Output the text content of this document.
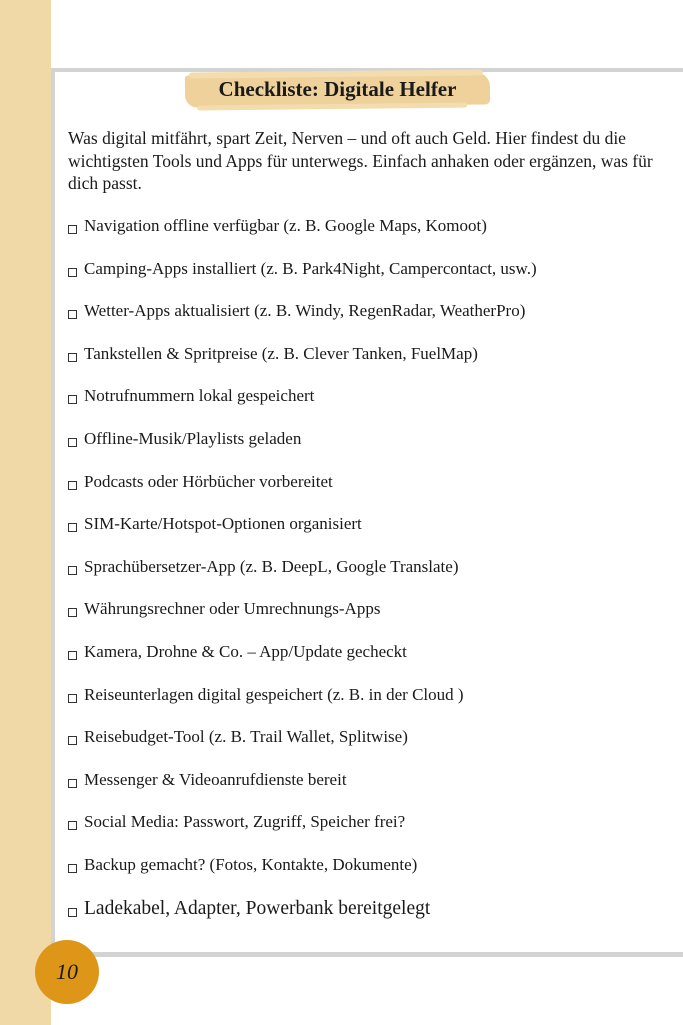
Checkliste: Digitale Helfer

Was digital mitfährt, spart Zeit, Nerven – und oft auch Geld. Hier findest du die wichtigsten Tools und Apps für unterwegs. Einfach anhaken oder ergänzen, was für dich passt.

Navigation offline verfügbar (z. B. Google Maps, Komoot)
Camping-Apps installiert (z. B. Park4Night, Campercontact, usw.)
Wetter-Apps aktualisiert (z. B. Windy, RegenRadar, WeatherPro)
Tankstellen & Spritpreise (z. B. Clever Tanken, FuelMap)
Notrufnummern lokal gespeichert
Offline-Musik/Playlists geladen
Podcasts oder Hörbücher vorbereitet
SIM-Karte/Hotspot-Optionen organisiert
Sprachübersetzer-App (z. B. DeepL, Google Translate)
Währungsrechner oder Umrechnungs-Apps
Kamera, Drohne & Co. – App/Update gecheckt
Reiseunterlagen digital gespeichert (z. B. in der Cloud )
Reisebudget-Tool (z. B. Trail Wallet, Splitwise)
Messenger & Videoanrufdienste bereit
Social Media: Passwort, Zugriff, Speicher frei?
Backup gemacht? (Fotos, Kontakte, Dokumente)
Ladekabel, Adapter, Powerbank bereitgelegt
10
